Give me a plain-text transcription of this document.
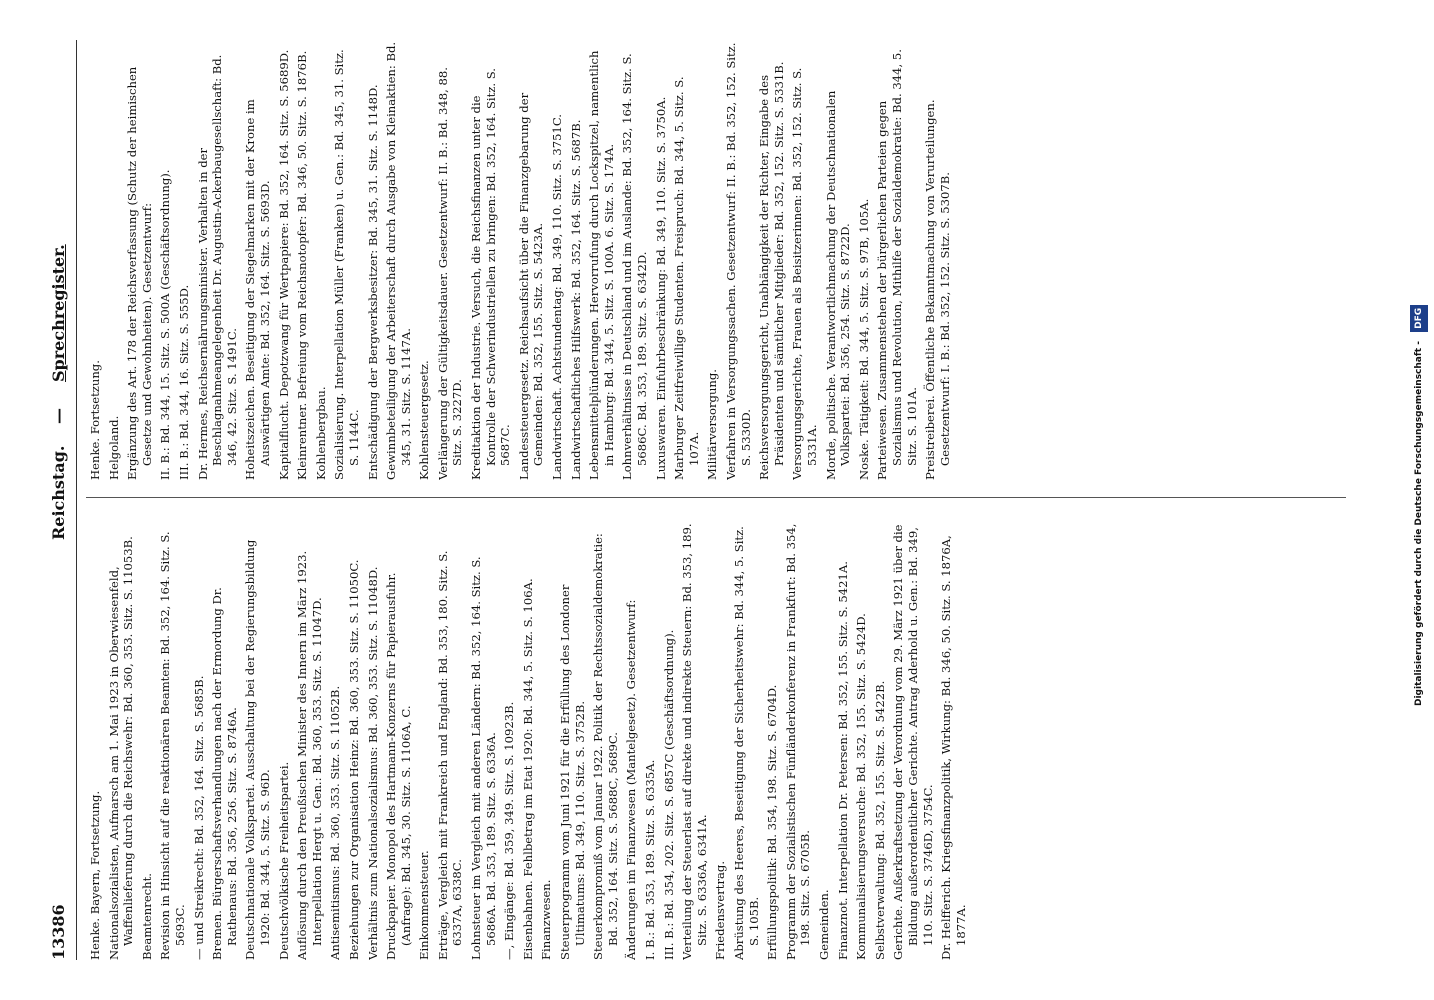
13386
Reichstag.
—
Sprechregister.
Henke. Bayern, Fortsetzung. Nationalsozialisten, Aufmarsch am 1. Mai 1923 in Oberwiesenfeld, Waffenlieferung durch die Reichswehr: Bd. 360, 353. Sitz. S. 11053B. Beamtenrecht. Revision in Hinsicht auf die reaktionären Beamten: Bd. 352, 164. Sitz. S. 5693C. — und Streikrecht: Bd. 352, 164. Sitz. S. 5685B. Bremen. Bürgerschaftsverhandlungen nach der Ermordung Dr. Rathenaus: Bd. 356, 256. Sitz. S. 8746A. Deutschnationale Volkspartei. Ausschaltung bei der Regierungsbildung 1920: Bd. 344, 5. Sitz. S. 96D. Deutschvölkische Freiheitspartei. Auflösung durch den Preußischen Minister des Innern im März 1923. Interpellation Hergt u. Gen.: Bd. 360, 353. Sitz. S. 11047D. Antisemitismus: Bd. 360, 353. Sitz. S. 11052B. Beziehungen zur Organisation Heinz: Bd. 360, 353. Sitz. S. 11050C. Verhältnis zum Nationalsozialismus: Bd. 360, 353. Sitz. S. 11048D. Druckpapier. Monopol des Hartmann-Konzerns für Papierausfuhr. (Anfrage): Bd. 345, 30. Sitz. S. 1106A, C. Einkommensteuer. Erträge, Vergleich mit Frankreich und England: Bd. 353, 180. Sitz. S. 6337A, 6338C. Lohnsteuer im Vergleich mit anderen Ländern: Bd. 352, 164. Sitz. S. 5686A. Bd. 353, 189. Sitz. S. 6336A. —, Eingänge: Bd. 359, 349. Sitz. S. 10923B. Eisenbahnen. Fehlbetrag im Etat 1920: Bd. 344, 5. Sitz. S. 106A. Finanzwesen. Steuerprogramm vom Juni 1921 für die Erfüllung des Londoner Ultimatums: Bd. 349, 110. Sitz. S. 3752B. Steuerkompromiß vom Januar 1922. Politik der Rechtssozialdemokratie: Bd. 352, 164. Sitz. S. 5688C, 5689C. Änderungen im Finanzwesen (Mantelgesetz). Gesetzentwurf: I. B.: Bd. 353, 189. Sitz. S. 6335A. III. B.: Bd. 354, 202. Sitz. S. 6857C (Geschäftsordnung). Verteilung der Steuerlast auf direkte und indirekte Steuern: Bd. 353, 189. Sitz. S. 6336A, 6341A. Friedensvertrag. Abrüstung des Heeres, Beseitigung der Sicherheitswehr: Bd. 344, 5. Sitz. S. 105B. Erfüllungspolitik: Bd. 354, 198. Sitz. S. 6704D. Programm der Sozialistischen Fünfländerkonferenz in Frankfurt: Bd. 354, 198. Sitz. S. 6705B. Gemeinden. Finanznot. Interpellation Dr. Petersen: Bd. 352, 155. Sitz. S. 5421A. Kommunalisierungsversuche: Bd. 352, 155. Sitz. S. 5424D. Selbstverwaltung: Bd. 352, 155. Sitz. S. 5422B. Gerichte. Außerkraftsetzung der Verordnung vom 29. März 1921 über die Bildung außerordentlicher Gerichte. Antrag Aderhold u. Gen.: Bd. 349, 110. Sitz. S. 3746D, 3754C. Dr. Helfferich. Kriegsfinanzpolitik, Wirkung: Bd. 346, 50. Sitz. S. 1876A, 1877A.
Henke. Fortsetzung. Helgoland. Ergänzung des Art. 178 der Reichsverfassung (Schutz der heimischen Gesetze und Gewohnheiten). Gesetzentwurf: II. B.: Bd. 344, 15. Sitz. S. 500A (Geschäftsordnung). III. B.: Bd. 344, 16. Sitz. S. 555D. Dr. Hermes, Reichsernährungsminister. Verhalten in der Beschlagnahmeangelegenheit Dr. Augustin-Ackerbaugesellschaft: Bd. 346, 42. Sitz. S. 1491C. Hoheitszeichen. Beseitigung der Siegelmarken mit der Krone im Auswärtigen Amte: Bd. 352, 164. Sitz. S. 5693D. Kapitalflucht. Depotzwang für Wertpapiere: Bd. 352, 164. Sitz. S. 5689D. Kleinrentner. Befreiung vom Reichsnotopfer: Bd. 346, 50. Sitz. S. 1876B. Kohlenbergbau. Sozialisierung. Interpellation Müller (Franken) u. Gen.: Bd. 345, 31. Sitz. S. 1144C. Entschädigung der Bergwerksbesitzer: Bd. 345, 31. Sitz. S. 1148D. Gewinnbeteiligung der Arbeiterschaft durch Ausgabe von Kleinaktien: Bd. 345, 31. Sitz. S. 1147A. Kohlensteuergesetz. Verlängerung der Gültigkeitsdauer. Gesetzentwurf: II. B.: Bd. 348, 88. Sitz. S. 3227D. Kreditaktion der Industrie. Versuch, die Reichsfinanzen unter die Kontrolle der Schwerindustriellen zu bringen: Bd. 352, 164. Sitz. S. 5687C. Landessteuergesetz. Reichsaufsicht über die Finanzgebarung der Gemeinden: Bd. 352, 155. Sitz. S. 5423A. Landwirtschaft. Achtstundentag: Bd. 349, 110. Sitz. S. 3751C. Landwirtschaftliches Hilfswerk: Bd. 352, 164. Sitz. S. 5687B. Lebensmittelplünderungen. Hervorrufung durch Lockspitzel, namentlich in Hamburg: Bd. 344, 5. Sitz. S. 100A. 6. Sitz. S. 174A. Lohnverhältnisse in Deutschland und im Auslande: Bd. 352, 164. Sitz. S. 5686C. Bd. 353, 189. Sitz. S. 6342D. Luxuswaren. Einfuhrbeschränkung: Bd. 349, 110. Sitz. S. 3750A. Marburger Zeitfreiwillige Studenten. Freispruch: Bd. 344, 5. Sitz. S. 107A. Militärversorgung. Verfahren in Versorgungssachen. Gesetzentwurf: II. B.: Bd. 352, 152. Sitz. S. 5330D. Reichsversorgungsgericht, Unabhängigkeit der Richter, Eingabe des Präsidenten und sämtlicher Mitglieder: Bd. 352, 152. Sitz. S. 5331B. Versorgungsgerichte, Frauen als Beisitzerinnen: Bd. 352, 152. Sitz. S. 5331A. Morde, politische. Verantwortlichmachung der Deutschnationalen Volkspartei: Bd. 356, 254. Sitz. S. 8722D. Noske. Tätigkeit: Bd. 344, 5. Sitz. S. 97B, 105A. Parteiwesen. Zusammenstehen der bürgerlichen Parteien gegen Sozialismus und Revolution, Mithilfe der Sozialdemokratie: Bd. 344, 5. Sitz. S. 101A. Preistreiberei. Öffentliche Bekanntmachung von Verurteilungen. Gesetzentwurf: I. B.: Bd. 352, 152. Sitz. S. 5307B.
Digitalisierung gefördert durch die Deutsche Forschungsgemeinschaft - DFG
